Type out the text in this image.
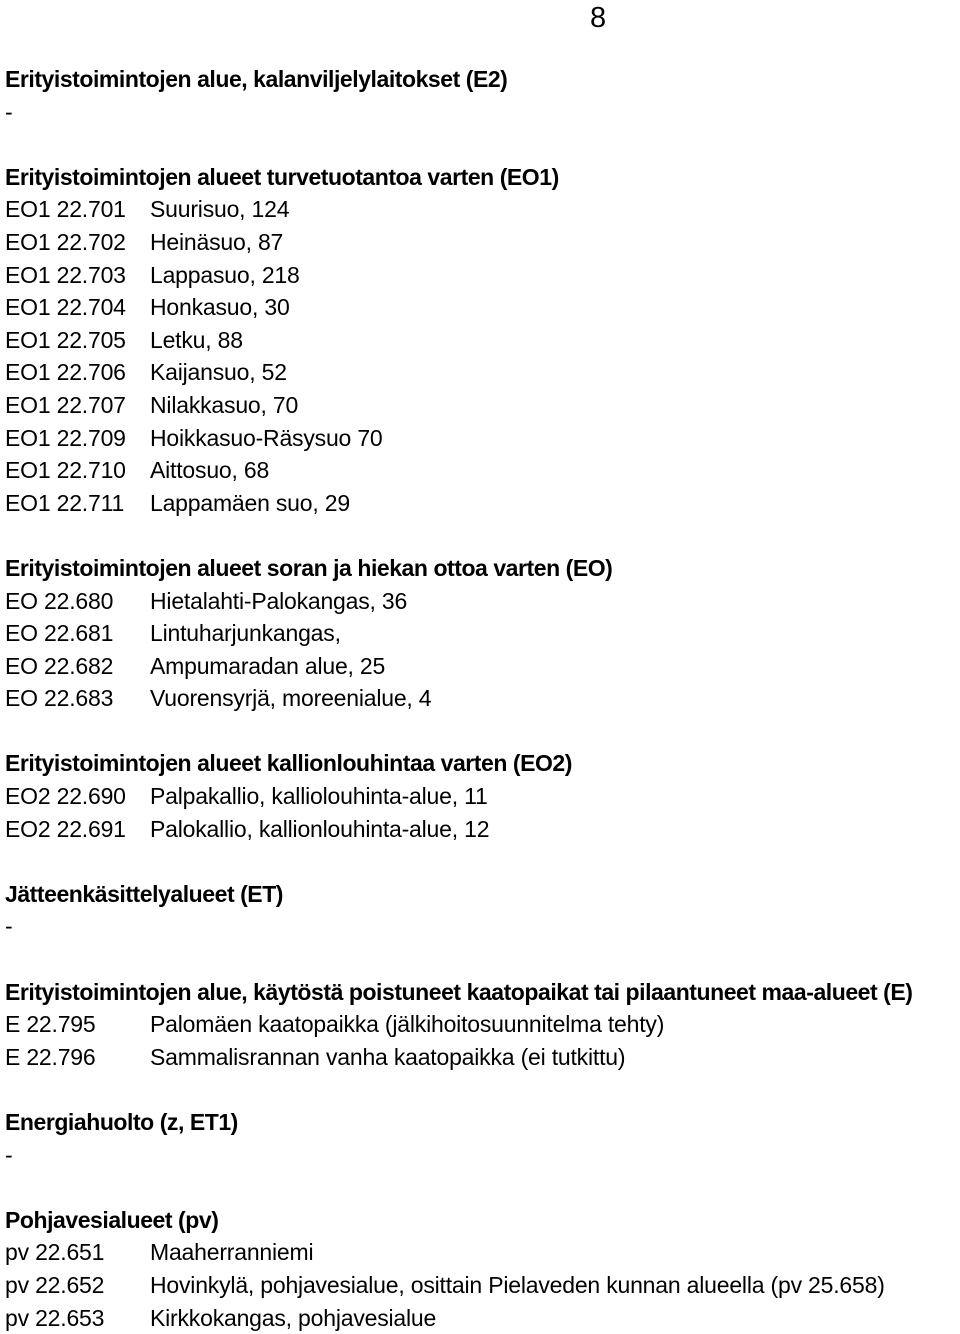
8
Erityistoimintojen alue, kalanviljelylaitokset (E2)
-
Erityistoimintojen alueet turvetuotantoa varten (EO1)
EO1 22.701 Suurisuo, 124
EO1 22.702 Heinäsuo, 87
EO1 22.703 Lappasuo, 218
EO1 22.704 Honkasuo, 30
EO1 22.705 Letku, 88
EO1 22.706 Kaijansuo, 52
EO1 22.707 Nilakkasuo, 70
EO1 22.709 Hoikkasuo-Räsysuo 70
EO1 22.710 Aittosuo, 68
EO1 22.711 Lappamäen suo, 29
Erityistoimintojen alueet soran ja hiekan ottoa varten (EO)
EO 22.680 Hietalahti-Palokangas, 36
EO 22.681 Lintuharjunkangas,
EO 22.682 Ampumaradan alue, 25
EO 22.683 Vuorensyrjä, moreenialue, 4
Erityistoimintojen alueet kallionlouhintaa varten (EO2)
EO2 22.690 Palpakallio, kalliolouhinta-alue, 11
EO2 22.691 Palokallio, kallionlouhinta-alue, 12
Jätteenkäsittelyalueet (ET)
-
Erityistoimintojen alue, käytöstä poistuneet kaatopaikat tai pilaantuneet maa-alueet (E)
E 22.795 Palomäen kaatopaikka (jälkihoitosuunnitelma tehty)
E 22.796 Sammalisrannan vanha kaatopaikka (ei tutkittu)
Energiahuolto (z, ET1)
-
Pohjavesialueet (pv)
pv 22.651 Maaherranniemi
pv 22.652 Hovinkylä, pohjavesialue, osittain Pielaveden kunnan alueella (pv 25.658)
pv 22.653 Kirkkokangas, pohjavesialue
